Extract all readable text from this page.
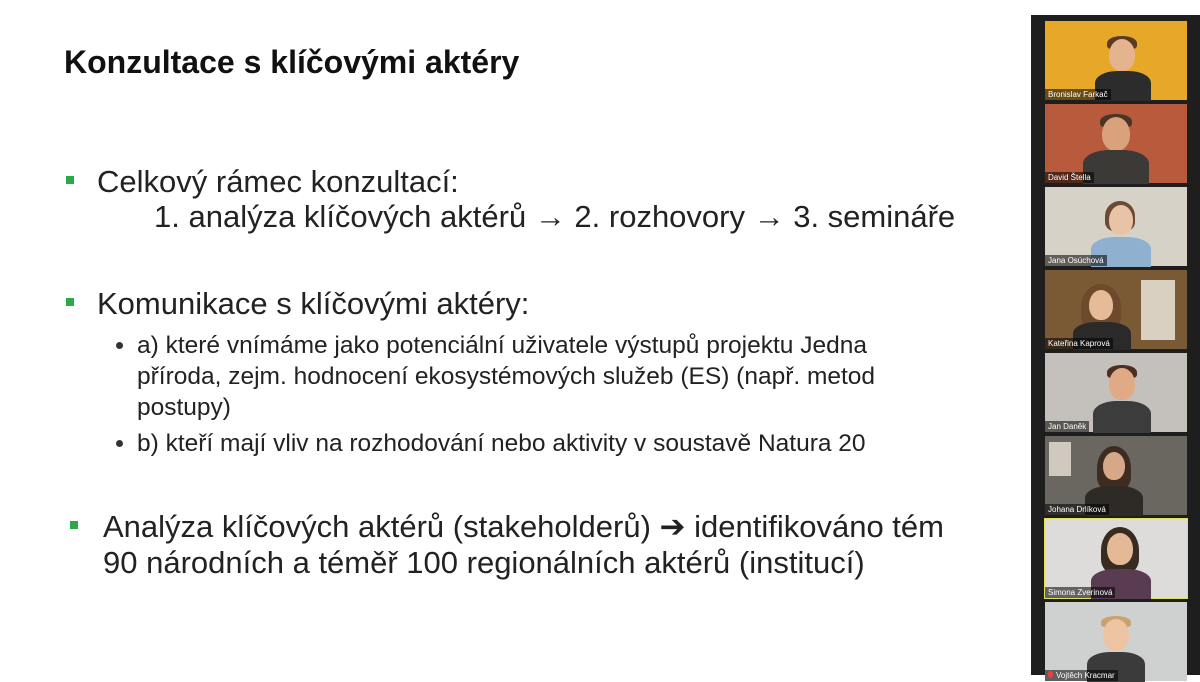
Konzultace s klíčovými aktéry
Celkový rámec konzultací:
1. analýza klíčových aktérů → 2. rozhovory → 3. semináře
Komunikace s klíčovými aktéry:
a) které vnímáme jako potenciální uživatele výstupů projektu Jedna
příroda, zejm. hodnocení ekosystémových služeb (ES) (např. metod
postupy)
b) kteří mají vliv na rozhodování nebo aktivity v soustavě Natura 20
Analýza klíčových aktérů (stakeholderů) ➔ identifikováno tém
90 národních a téměř 100 regionálních aktérů (institucí)
Bronislav Farkač
David Štella
Jana Osúchová
Kateřina Kaprová
Jan Daněk
Johana Drlíková
Simona Zverinová
Vojtěch Kracmar
